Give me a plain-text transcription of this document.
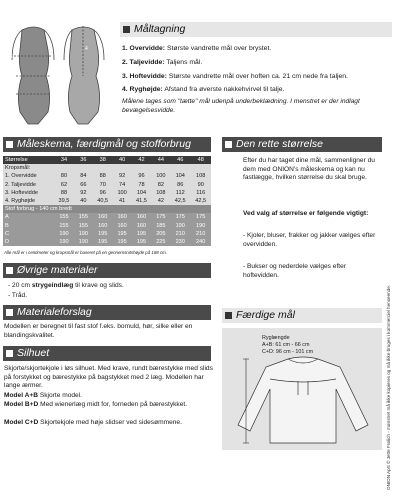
1
2
3
4
Måltagning
1. Overvidde: Største vandrette mål over brystet.
2. Taljevidde: Taljens mål.
3. Hoftevidde: Største vandrette mål over hoften ca. 21 cm nede fra taljen.
4. Ryghøjde: Afstand fra øverste nakkehvirvel til talje.
Målene tages som "tætte" mål udenpå underbeklædning. I menstret er der indlagt bevægelsesvidde.
Måleskema, færdigmål og stofforbrug
Størrelse	34	36	38	40	42	44	46	48
Kropsmål:								
1. Overvidde	80	84	88	92	96	100	104	108
2. Taljevidde	62	66	70	74	78	82	86	90
3. Hoftevidde	88	92	96	100	104	108	112	116
4. Ryghøjde	39,5	40	40,5	41	41,5	42	42,5	42,5
Stof forbrug - 140 cm bredt								
A	155	155	160	160	160	175	175	175
B	155	155	160	160	160	185	190	190
C	190	190	195	195	195	205	210	210
D	190	190	195	195	195	225	230	240
Alle mål er i centimeter og kropsmål er baseret på en gennemsnitshøjde på 168 cm.
Den rette størrelse
Efter du har taget dine mål, sammenligner du dem med ONION's måleskema og kan nu fastlægge, hvilken størrelse du skal bruge.
Ved valg af størrelse er følgende vigtigt:
- Kjoler, bluser, frakker og jakker vælges efter overvidden.
- Bukser og nederdele vælges efter hoftevidden.
Øvrige materialer
- 20 cm strygeindlæg til krave og slids.
- Tråd.
Materialeforslag
Modellen er beregnet til fast stof f.eks. bomuld, hør, silke eller en blandingskvalitet.
Silhuet
Skjorte/skjortekjole i løs silhuet. Med krave, rundt bærestykke med slids på forstykket og bærestykke på bagstykket med 2 læg. Modellen har lange ærmer.
Model A+B Skjorte model.
Model B+D Med wienerlæg midt for, forneden på bærestykket.
Model C+D Skjortekjole med høje slidser ved sidesømmene.
Færdige mål
Ryglængde
A+B: 61 cm - 66 cm
C+D: 96 cm - 101 cm	ONION ApS © Jette Frølich - mønstret må ikke kopieres og må ikke bruges i kommerciel henseende.
